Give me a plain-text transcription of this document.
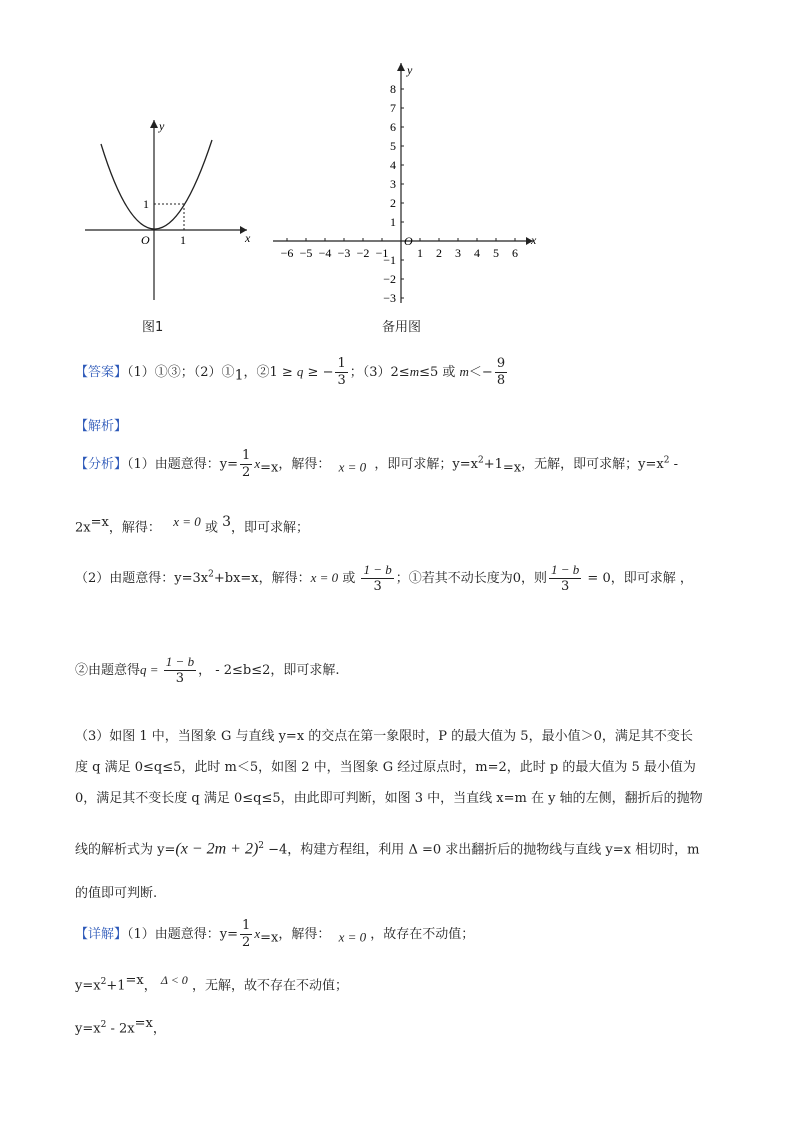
y
x
O	1
1
图1
−6 −5 −4 −3 −2 −1 1 2 3 4 5 6
8
7
6
5
4
3
2
1
−1
−2
−3
y
x
O
备用图
【答案】（1）①③；$(2)①_1$，②1 ≥ q ≥ − $\frac{1}{3}$ ；（3）2≤m≤5 或 $m<- \frac{9}{8}$
【解析】
【分析】（1）由题意得：$y= \frac{1}{2} x_{=x}$，解得： $_{x = 0}$ ，即可求解；$y=x^2+1_{=x}$，无解，即可求解；$y=x^2$ -
$2x^{=x}$，解得： $^{x = 0}$ 或 $^3$，即可求解；
（2）由题意得：$y=3x^2+bx=x$，解得：x = 0 或 $\frac{1 - b}{3}$ ；①若其不动长度为0，则 $\frac{1 - b}{3} = 0$，即可求解 ，
②由题意得$q = \frac{1 - b}{3}$ ， - 2≤b≤2，即可求解.
（3）如图 1 中，当图象 G 与直线 y=x 的交点在第一象限时，P 的最大值为 5，最小值＞0，满足其不变长
度 q 满足 0≤q≤5，此时 m＜5，如图 2 中，当图象 G 经过原点时，m=2，此时 p 的最大值为 5 最小值为
0，满足其不变长度 q 满足 0≤q≤5，由此即可判断，如图 3 中，当直线 x=m 在 y 轴的左侧，翻折后的抛物
线的解析式为 $y=(x - 2m + 2)^2 -4$，构建方程组，利用 Δ =0 求出翻折后的抛物线与直线 y=x 相切时，m
的值即可判断.
【详解】（1）由题意得：$y= \frac{1}{2} x_{=x}$，解得： $_{x = 0}$ ，故存在不动值；
$y=x^2+1^{=x}$， $^{\Delta < 0}$ ，无解，故不存在不动值；
$y=x^2 - 2x^{=x}$，
